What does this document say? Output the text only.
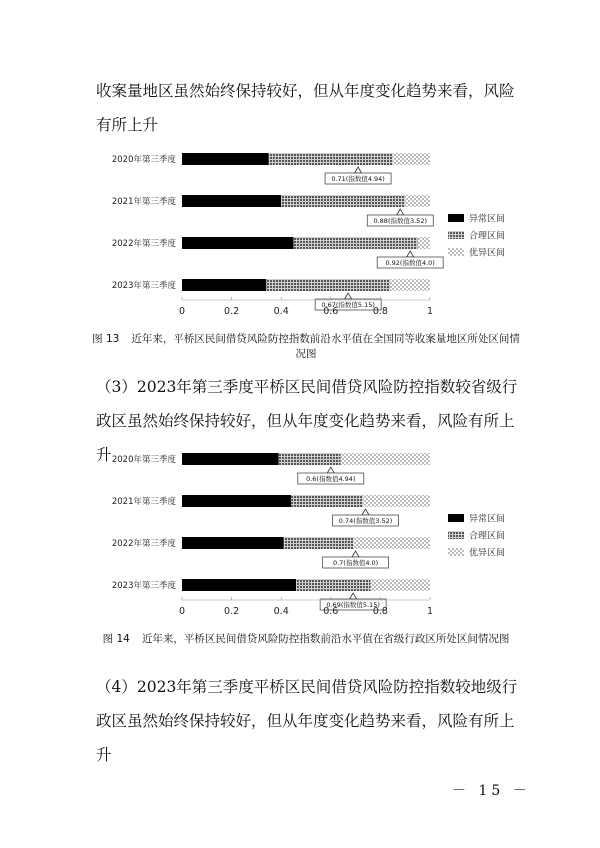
收案量地区虽然始终保持较好，但从年度变化趋势来看，风险有所上升

2020年第三季度
0.71(指数值4.94)
2021年第三季度
0.88(指数值3.52)
2022年第三季度
0.92(指数值4.0)
2023年第三季度
0.67(指数值5.15)
0	0.2	0.4	0.6	0.8	1
异常区间
合理区间
优异区间

图 13 近年来，平桥区民间借贷风险防控指数前沿水平值在全国同等收案量地区所处区间情况图

（3）2023年第三季度平桥区民间借贷风险防控指数较省级行政区虽然始终保持较好，但从年度变化趋势来看，风险有所上升 2020年第三季度
0.6(指数值4.94)
2021年第三季度
0.74(指数值3.52)
2022年第三季度
0.7(指数值4.0)
2023年第三季度
0.69(指数值5.15)
0	0.2	0.4	0.6	0.8	1
异常区间
合理区间
优异区间

图 14 近年来，平桥区民间借贷风险防控指数前沿水平值在省级行政区所处区间情况图

（4）2023年第三季度平桥区民间借贷风险防控指数较地级行政区虽然始终保持较好，但从年度变化趋势来看，风险有所上升

－ 15 －
